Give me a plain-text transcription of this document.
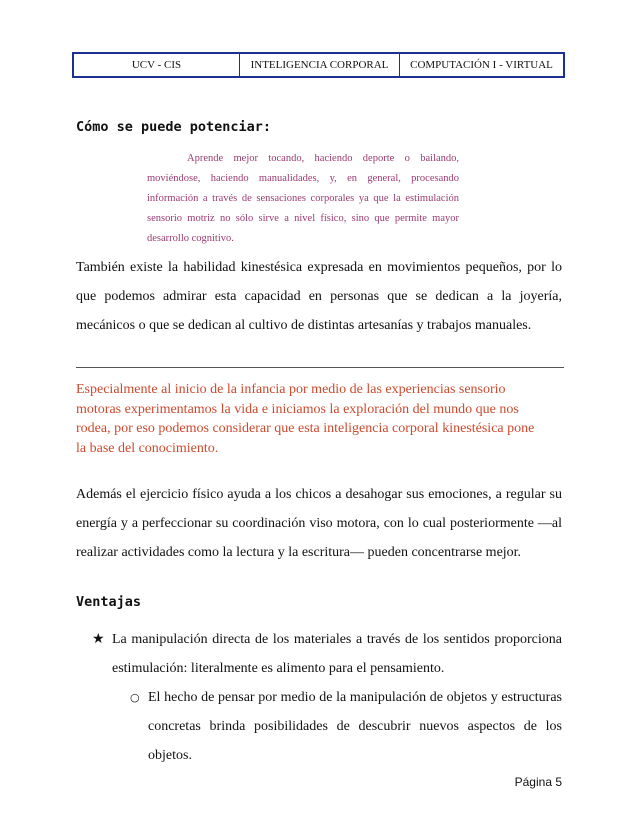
UCV - CIS	INTELIGENCIA CORPORAL	COMPUTACIÓN I - VIRTUAL
Cómo se puede potenciar:
Aprende mejor tocando, haciendo deporte o bailando, moviéndose, haciendo manualidades, y, en general, procesando información a través de sensaciones corporales ya que la estimulación sensorio motriz no sólo sirve a nivel físico, sino que permite mayor desarrollo cognitivo.
También existe la habilidad kinestésica expresada en movimientos pequeños, por lo que podemos admirar esta capacidad en personas que se dedican a la joyería, mecánicos o que se dedican al cultivo de distintas artesanías y trabajos manuales.
Especialmente al inicio de la infancia por medio de las experiencias sensorio motoras experimentamos la vida e iniciamos la exploración del mundo que nos rodea, por eso podemos considerar que esta inteligencia corporal kinestésica pone la base del conocimiento.
Además el ejercicio físico ayuda a los chicos a desahogar sus emociones, a regular su energía y a perfeccionar su coordinación viso motora, con lo cual posteriormente —al realizar actividades como la lectura y la escritura— pueden concentrarse mejor.
Ventajas
★ La manipulación directa de los materiales a través de los sentidos proporciona estimulación: literalmente es alimento para el pensamiento.
○ El hecho de pensar por medio de la manipulación de objetos y estructuras concretas brinda posibilidades de descubrir nuevos aspectos de los objetos.
Página 5
